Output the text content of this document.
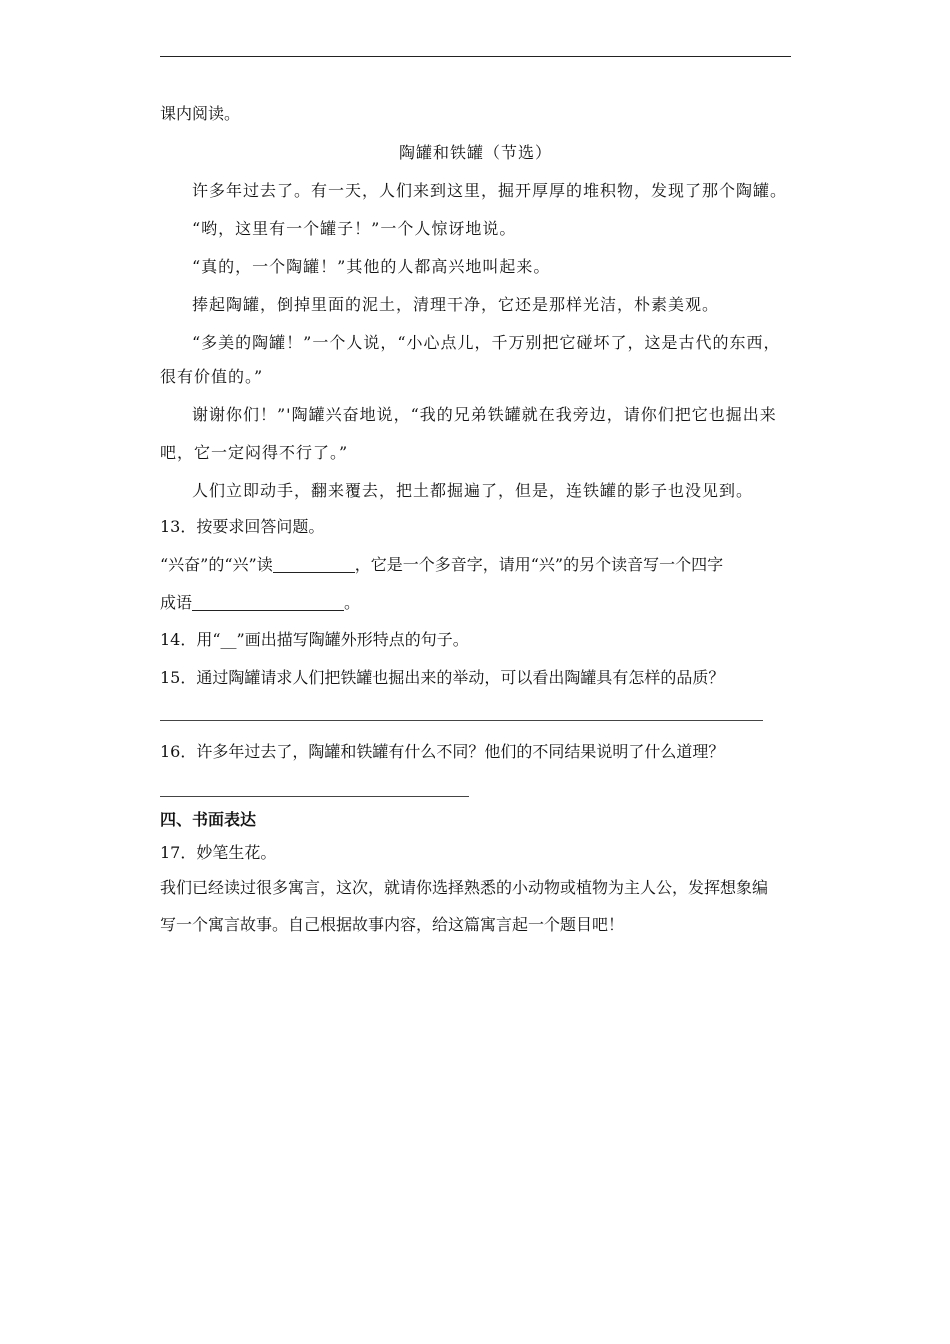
课内阅读。
陶罐和铁罐（节选）
许多年过去了。有一天，人们来到这里，掘开厚厚的堆积物，发现了那个陶罐。
“哟，这里有一个罐子！”一个人惊讶地说。
“真的，一个陶罐！”其他的人都高兴地叫起来。
捧起陶罐，倒掉里面的泥土，清理干净，它还是那样光洁，朴素美观。
“多美的陶罐！”一个人说，“小心点儿，千万别把它碰坏了，这是古代的东西，
很有价值的。”
谢谢你们！”'陶罐兴奋地说，“我的兄弟铁罐就在我旁边，请你们把它也掘出来
吧，它一定闷得不行了。”
人们立即动手，翻来覆去，把土都掘遍了，但是，连铁罐的影子也没见到。
13．按要求回答问题。
“兴奋”的“兴”读	，它是一个多音字，请用“兴”的另个读音写一个四字
成语	。
14．用“__”画出描写陶罐外形特点的句子。
15．通过陶罐请求人们把铁罐也掘出来的举动，可以看出陶罐具有怎样的品质？
16．许多年过去了，陶罐和铁罐有什么不同？他们的不同结果说明了什么道理？
四、书面表达
17．妙笔生花。
我们已经读过很多寓言，这次，就请你选择熟悉的小动物或植物为主人公，发挥想象编
写一个寓言故事。自己根据故事内容，给这篇寓言起一个题目吧！
